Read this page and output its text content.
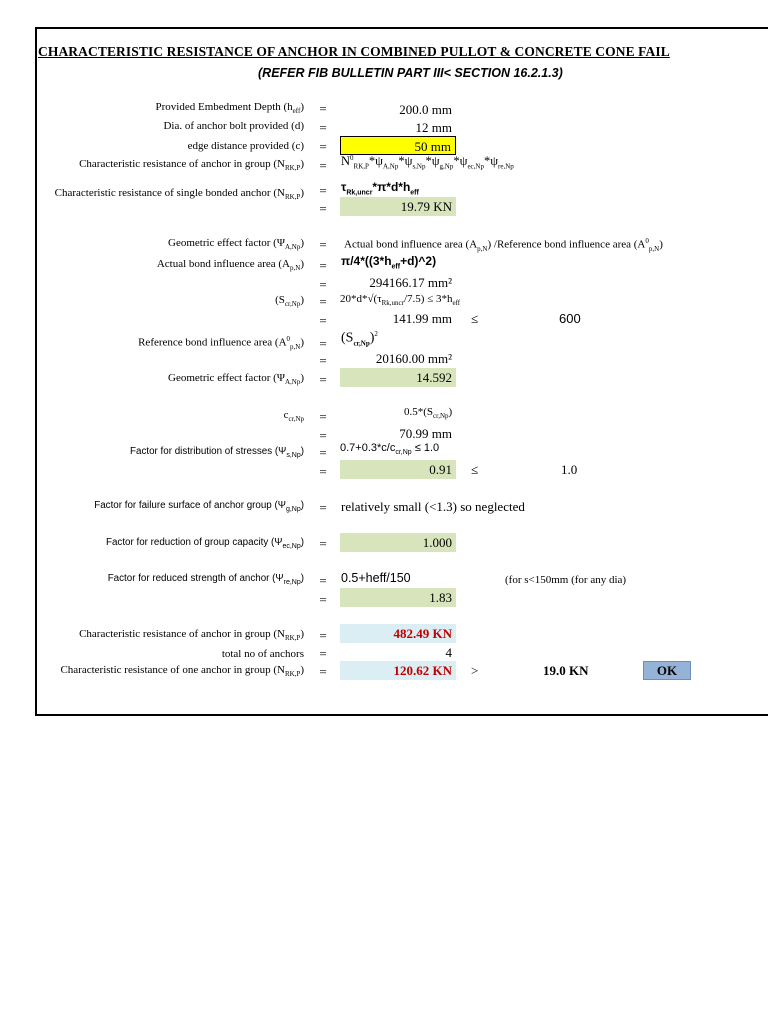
CHARACTERISTIC RESISTANCE OF ANCHOR IN COMBINED PULLOT & CONCRETE CONE FAIL
(REFER FIB BULLETIN PART III< SECTION 16.2.1.3)
Provided Embedment Depth $(h_{eff})$ =	200.0 mm
Dia. of anchor bolt provided (d) =	12 mm
edge distance provided (c) =	50 mm
Characteristic resistance of anchor in group $(N_{RK,P}) = N^0_{RK,P}*\psi_{A,Np}*\psi_{s,Np}*\psi_{g,Np}*\psi_{ec,Np}*\psi_{re,Np}$
Characteristic resistance of single bonded anchor $(N_{RK,P}) = \tau_{Rk,uncr}*\pi*d*h_{eff}$
=	19.79 KN
Geometric effect factor $(\Psi_{A,Np})$ =	Actual bond influence area $(A_{p,N})$ /Reference bond influence area $(A^0_{p,N})$
Actual bond influence area $(A_{p,N})$ = $\pi/4*((3*h_{eff}+d)\^{}2)$
=	294166.17 mm²
$(S_{cr,Np})$ =	$20*d*√(\tau_{Rk,uncr}/7.5) \le 3*h_{eff}$
=	141.99 mm	≤	600
Reference bond influence area $(A^0_{p,N}) = (S_{cr,Np})^2$
=	20160.00 mm²
Geometric effect factor $(\Psi_{A,Np})$ =	14.592
$c_{cr,Np}$ =	$0.5*(S_{cr,Np})$
=	70.99 mm
Factor for distribution of stresses $(\Psi_{s,Np})$ =	$0.7+0.3*c/c_{cr,Np} \le 1.0$
=	0.91	≤	1.0
Factor for failure surface of anchor group $(\Psi_{g,Np})$ = relatively small (<1.3) so neglected
Factor for reduction of group capacity $(\Psi_{ec,Np})$ =	1.000
Factor for reduced strength of anchor $(\Psi_{re,Np})$ = 0.5+heff/150	(for s<150mm (for any dia)
=	1.83
Characteristic resistance of anchor in group $(N_{RK,P})$ =	482.49 KN
total no of anchors =	4
Characteristic resistance of one anchor in group $(N_{RK,P})$ =	120.62 KN	>	19.0 KN	OK
